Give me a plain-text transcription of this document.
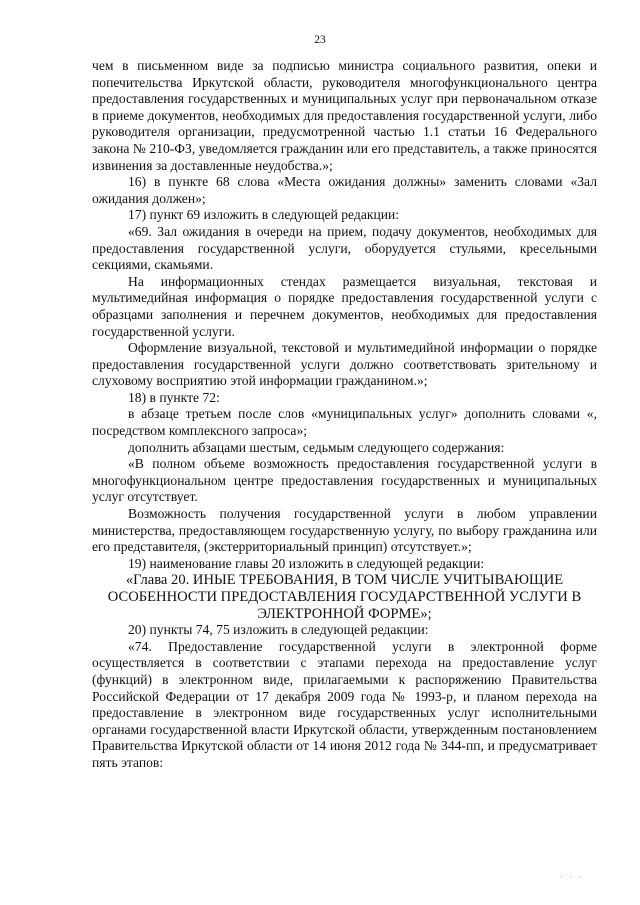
23

чем в письменном виде за подписью министра социального развития, опеки и попечительства Иркутской области, руководителя многофункционального центра предоставления государственных и муниципальных услуг при первоначальном отказе в приеме документов, необходимых для предоставления государственной услуги, либо руководителя организации, предусмотренной частью 1.1 статьи 16 Федерального закона № 210-ФЗ, уведомляется гражданин или его представитель, а также приносятся извинения за доставленные неудобства.»;

16) в пункте 68 слова «Места ожидания должны» заменить словами «Зал ожидания должен»;

17) пункт 69 изложить в следующей редакции:

«69. Зал ожидания в очереди на прием, подачу документов, необходимых для предоставления государственной услуги, оборудуется стульями, кресельными секциями, скамьями.

На информационных стендах размещается визуальная, текстовая и мультимедийная информация о порядке предоставления государственной услуги с образцами заполнения и перечнем документов, необходимых для предоставления государственной услуги.

Оформление визуальной, текстовой и мультимедийной информации о порядке предоставления государственной услуги должно соответствовать зрительному и слуховому восприятию этой информации гражданином.»;

18) в пункте 72:

в абзаце третьем после слов «муниципальных услуг» дополнить словами «, посредством комплексного запроса»;

дополнить абзацами шестым, седьмым следующего содержания:

«В полном объеме возможность предоставления государственной услуги в многофункциональном центре предоставления государственных и муниципальных услуг отсутствует.

Возможность получения государственной услуги в любом управлении министерства, предоставляющем государственную услугу, по выбору гражданина или его представителя, (экстерриториальный принцип) отсутствует.»;

19) наименование главы 20 изложить в следующей редакции:

«Глава 20. ИНЫЕ ТРЕБОВАНИЯ, В ТОМ ЧИСЛЕ УЧИТЫВАЮЩИЕ ОСОБЕННОСТИ ПРЕДОСТАВЛЕНИЯ ГОСУДАРСТВЕННОЙ УСЛУГИ В ЭЛЕКТРОННОЙ ФОРМЕ»;

20) пункты 74, 75 изложить в следующей редакции:

«74. Предоставление государственной услуги в электронной форме осуществляется в соответствии с этапами перехода на предоставление услуг (функций) в электронном виде, прилагаемыми к распоряжению Правительства Российской Федерации от 17 декабря 2009 года № 1993-р, и планом перехода на предоставление в электронном виде государственных услуг исполнительными органами государственной власти Иркутской области, утвержденным постановлением Правительства Иркутской области от 14 июня 2012 года № 344-пп, и предусматривает пять этапов:

· · ·
